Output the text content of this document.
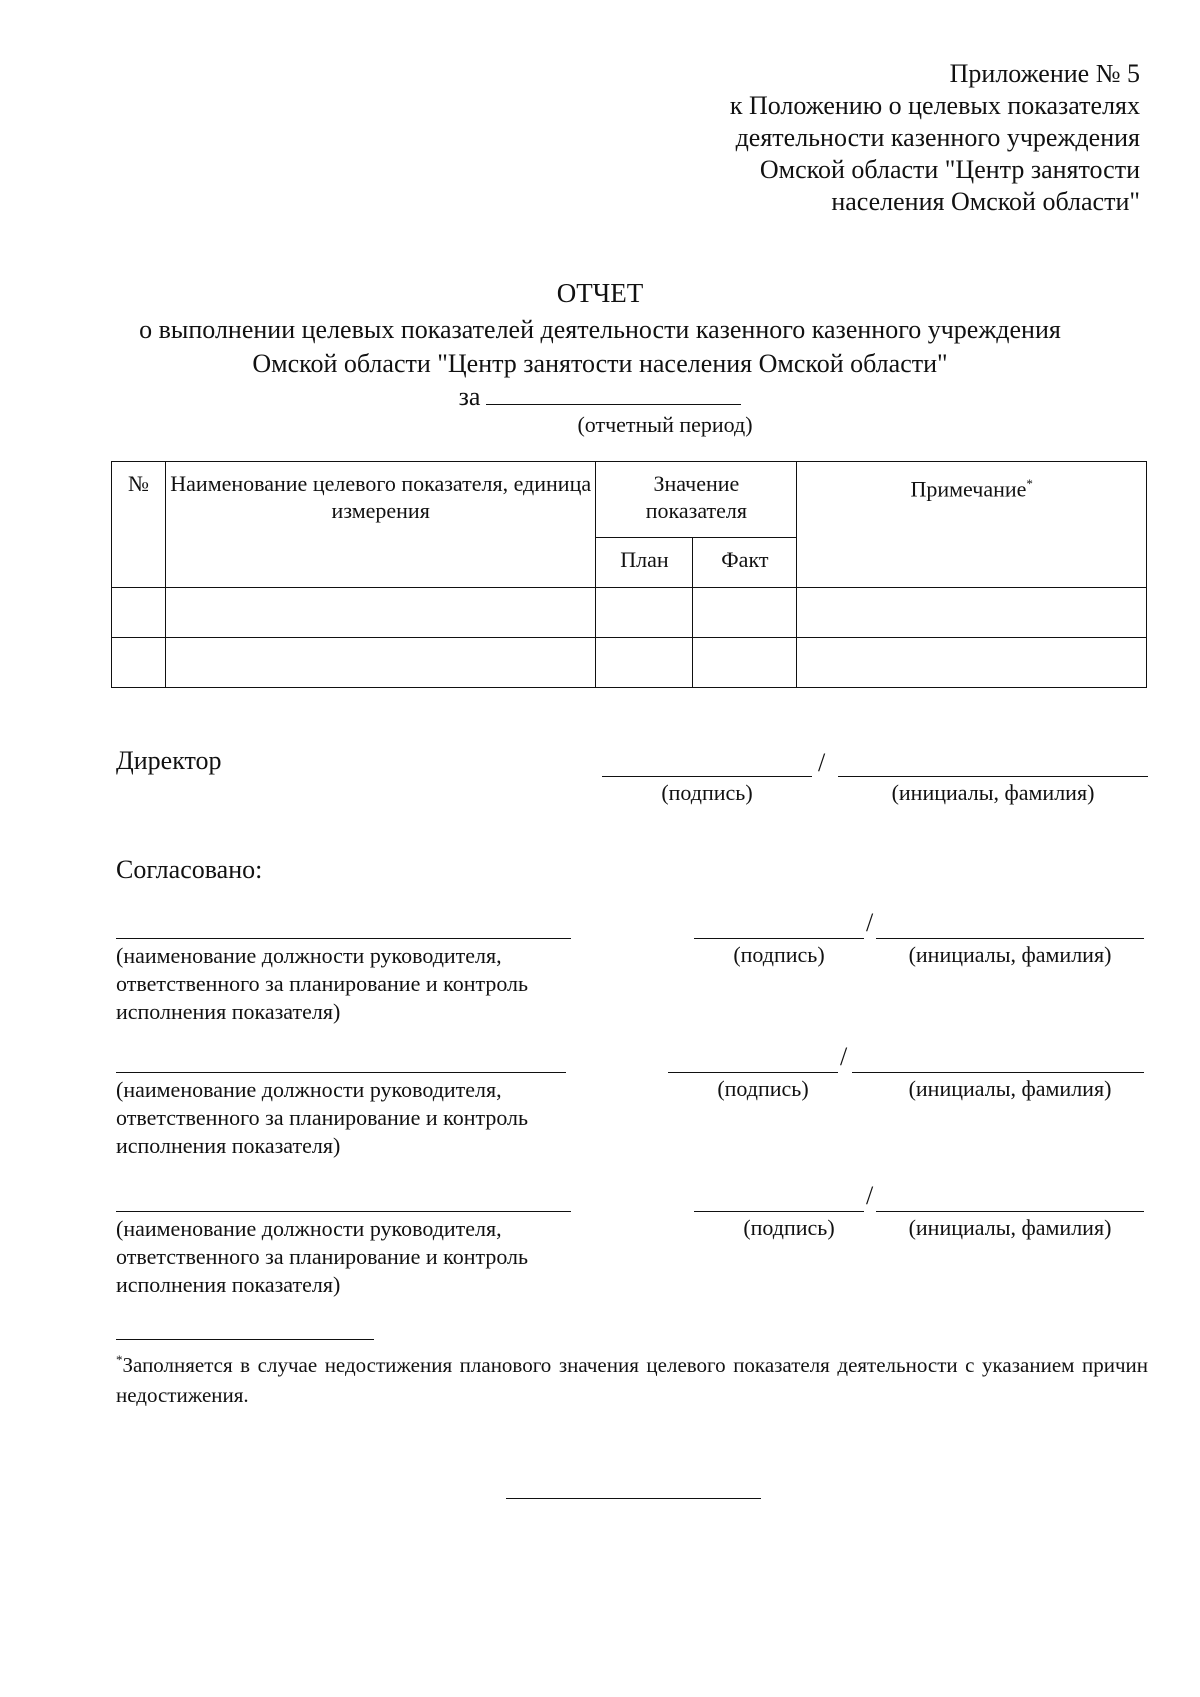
Приложение № 5
к Положению о целевых показателях
деятельности казенного учреждения
Омской области "Центр занятости
населения Омской области"
ОТЧЕТ
о выполнении целевых показателей деятельности казенного казенного учреждения
Омской области "Центр занятости населения Омской области"
за
(отчетный период)
№	Наименование целевого показателя, единица измерения	Значение показателя		Примечание*
		План	Факт	

Директор	/
(подпись)	(инициалы, фамилия)
Согласовано:
(наименование должности руководителя,
ответственного за планирование и контроль
исполнения показателя)
/
(подпись)	(инициалы, фамилия)
(наименование должности руководителя,
ответственного за планирование и контроль
исполнения показателя)
/
(подпись)	(инициалы, фамилия)
(наименование должности руководителя,
ответственного за планирование и контроль
исполнения показателя)
/
(подпись)	(инициалы, фамилия)
*Заполняется в случае недостижения планового значения целевого показателя деятельности с указанием причин недостижения.
